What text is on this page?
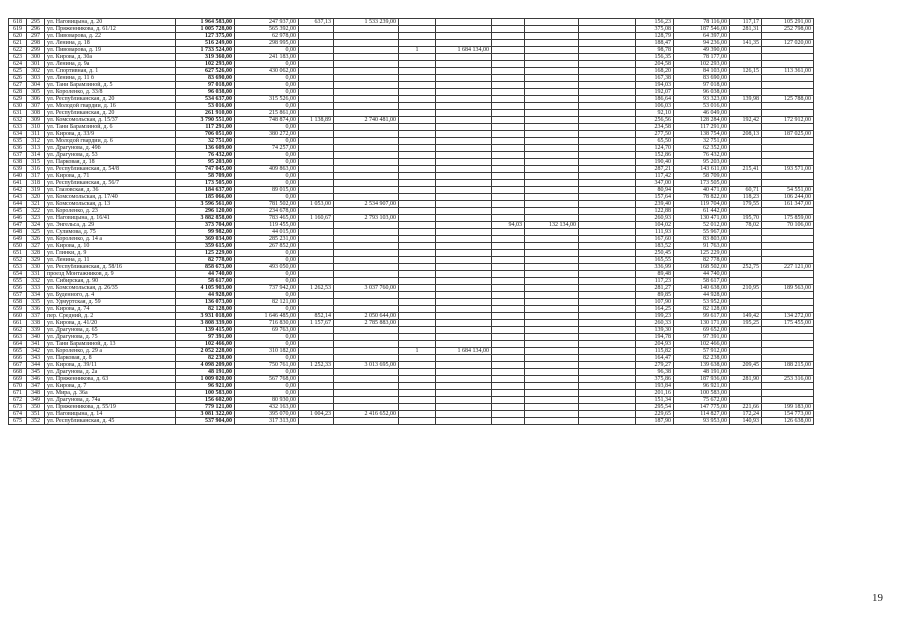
618	295	ул. Наговицына, д. 20	1 964 583,00	247 937,00	637,13	1 533 239,00						156,23	78 116,00	117,17	105 291,00
619	296	ул. Пряженникова, д. 61/12	1 005 728,00	565 392,00								375,08	187 546,00	281,31	252 798,00
620	297	ул. Пивоварова, д. 22	127 375,00	62 978,00								128,79	64 397,00		
621	298	ул. Ленина, д. 18	516 249,00	298 995,00								188,47	94 236,00	141,35	127 020,00
622	299	ул. Пивоварова, д. 19	1 733 524,00	0,00			1	1 684 134,00				98,78	49 390,00		
623	300	ул. Кирова, д. 30а	319 360,00	241 183,00								156,35	78 177,00		
624	301	ул. Ленина, д. 9а	102 293,00	0,00								204,58	102 293,00		
625	302	ул. Спортивная, д. 1	627 526,00	430 062,00								168,20	84 103,00	126,15	113 361,00
626	303	ул. Ленина, д. 11 б	83 690,00	0,00								167,38	83 690,00		
627	304	ул. Тани Барамзиной, д. 5	97 018,00	0,00								194,03	97 018,00		
628	305	ул. Короленко, д. 33/8	96 038,00	0,00								192,07	96 038,00		
629	306	ул. Республиканская, д. 20	534 637,00	315 526,00								186,64	93 323,00	139,98	125 788,00
630	307	ул. Молодой гвардии, д. 16	53 016,00	0,00								106,03	53 016,00		
631	308	ул. Республиканская, д. 20	261 910,00	215 861,00								92,10	46 049,00		
632	309	ул. Комсомольская, д. 15/37	3 790 551,00	748 874,00	1 138,89	2 740 481,00						256,56	128 284,00	192,42	172 912,00
633	310	ул. Тани Барамзиной, д. 6	117 291,00	0,00								234,58	117 291,00		
634	311	ул. Кирова, д. 33/9	706 051,00	380 272,00								277,50	138 754,00	208,13	187 025,00
635	312	ул. Молодой гвардии, д. 6	32 751,00	0,00								65,50	32 751,00		
636	313	ул. Драгунова, д. 49б	136 609,00	74 257,00								124,70	62 352,00		
637	314	ул. Драгунова, д. 53	76 432,00	0,00								152,86	76 432,00		
638	315	ул. Парковая, д. 18	95 203,00	0,00								190,40	95 203,00		
639	316	ул. Республиканская, д. 54/8	747 045,00	409 863,00								287,21	143 611,00	215,41	193 571,00
640	317	ул. Кирова, д. 71	58 709,00	0,00								117,42	58 709,00		
641	318	ул. Республиканская, д. 56/7	173 505,00	0,00								347,00	173 505,00		
642	319	ул. Глазовская, д. 36	184 637,00	89 015,00								80,94	40 471,00	60,71	54 551,00
643	320	ул. Комсомольская, д. 17/40	185 066,00	0,00								157,64	78 822,00	118,23	106 244,00
644	321	ул. Комсомольская, д. 13	3 596 561,00	781 502,00	1 053,00	2 534 907,00						239,40	119 704,00	179,55	161 347,00
645	322	ул. Короленко, д. 23	296 120,00	234 678,00								122,88	61 442,00		
646	323	ул. Наговицына, д. 16/41	3 882 858,00	783 465,00	1 160,67	2 793 103,00						260,93	130 471,00	195,70	175 859,00
647	324	ул. Энгельса, д. 29	373 704,00	119 455,00					94,03	132 134,00		104,02	52 012,00	78,02	70 106,00
648	325	ул. Сулимова, д. 75	99 982,00	44 015,00								111,93	55 967,00		
649	326	ул. Короленко, д. 14 а	369 034,00	285 231,00								167,60	83 803,00		
650	327	ул. Кирова, д. 10	359 615,00	267 852,00								183,52	91 763,00		
651	328	ул. Глинки, д. 9	125 229,00	0,00								250,45	125 229,00		
652	329	ул. Ленина, д. 11	82 778,00	0,00								165,55	82 778,00		
653	330	ул. Республиканская, д. 58/16	858 673,00	493 050,00								336,99	168 502,00	252,75	227 121,00
654	331	проезд Монтажников, д. 9	44 740,00	0,00								89,48	44 740,00		
655	332	ул. Сибирская, д. 90	58 617,00	0,00								117,23	58 617,00		
656	333	ул. Комсомольская, д. 26/35	4 105 903,00	737 942,00	1 262,53	3 037 760,00						281,27	140 638,00	210,95	189 563,00
657	334	ул. Буденного, д. 4	44 928,00	0,00								89,85	44 928,00		
658	335	ул. Удмуртская, д. 59	136 073,00	82 121,00								107,90	53 952,00		
659	336	ул. Кирова, д. 74	82 128,00	0,00								164,25	82 128,00		
660	337	пер. Средний, д. 2	3 931 018,00	1 646 485,00	852,14	2 050 644,00						199,23	99 617,00	149,42	134 272,00
661	338	ул. Кирова, д. 41/20	3 808 339,00	716 830,00	1 157,67	2 785 883,00						260,33	130 171,00	195,25	175 455,00
662	339	ул. Драгунова, д. 65	139 415,00	69 763,00								139,30	69 652,00		
663	340	ул. Драгунова, д. 75	97 391,00	0,00								194,78	97 391,00		
664	341	ул. Тани Барамзиной, д. 13	102 466,00	0,00								204,93	102 466,00		
665	342	ул. Короленко, д. 29 а	2 052 228,00	310 182,00			1	1 684 134,00				115,82	57 912,00		
666	343	ул. Парковая, д. 8	82 238,00	0,00								164,47	82 238,00		
667	344	ул. Кирова, д. 39/11	4 098 209,00	750 761,00	1 252,33	3 013 695,00						279,27	139 638,00	209,45	188 215,00
668	345	ул. Драгунова, д. 2а	48 191,00	0,00								96,38	48 191,00		
669	346	ул. Пряженникова, д. 63	1 009 020,00	567 768,00								375,86	187 936,00	281,90	253 316,00
670	347	ул. Кирова, д. 7	96 921,00	0,00								193,84	96 921,00		
671	348	ул. Мира, д. 36а	100 583,00	0,00								201,16	100 583,00		
672	349	ул. Драгунова, д. 74а	156 602,00	80 930,00								151,34	75 672,00		
673	350	ул. Пряженникова, д. 55/19	779 121,00	432 163,00								295,54	147 775,00	221,66	199 183,00
674	351	ул. Наговицына, д. 14	3 081 322,00	395 070,00	1 004,23	2 416 652,00						229,65	114 827,00	172,24	154 773,00
675	352	ул. Республиканская, д. 45	537 904,00	317 313,00								187,90	93 953,00	140,93	126 638,00
19
